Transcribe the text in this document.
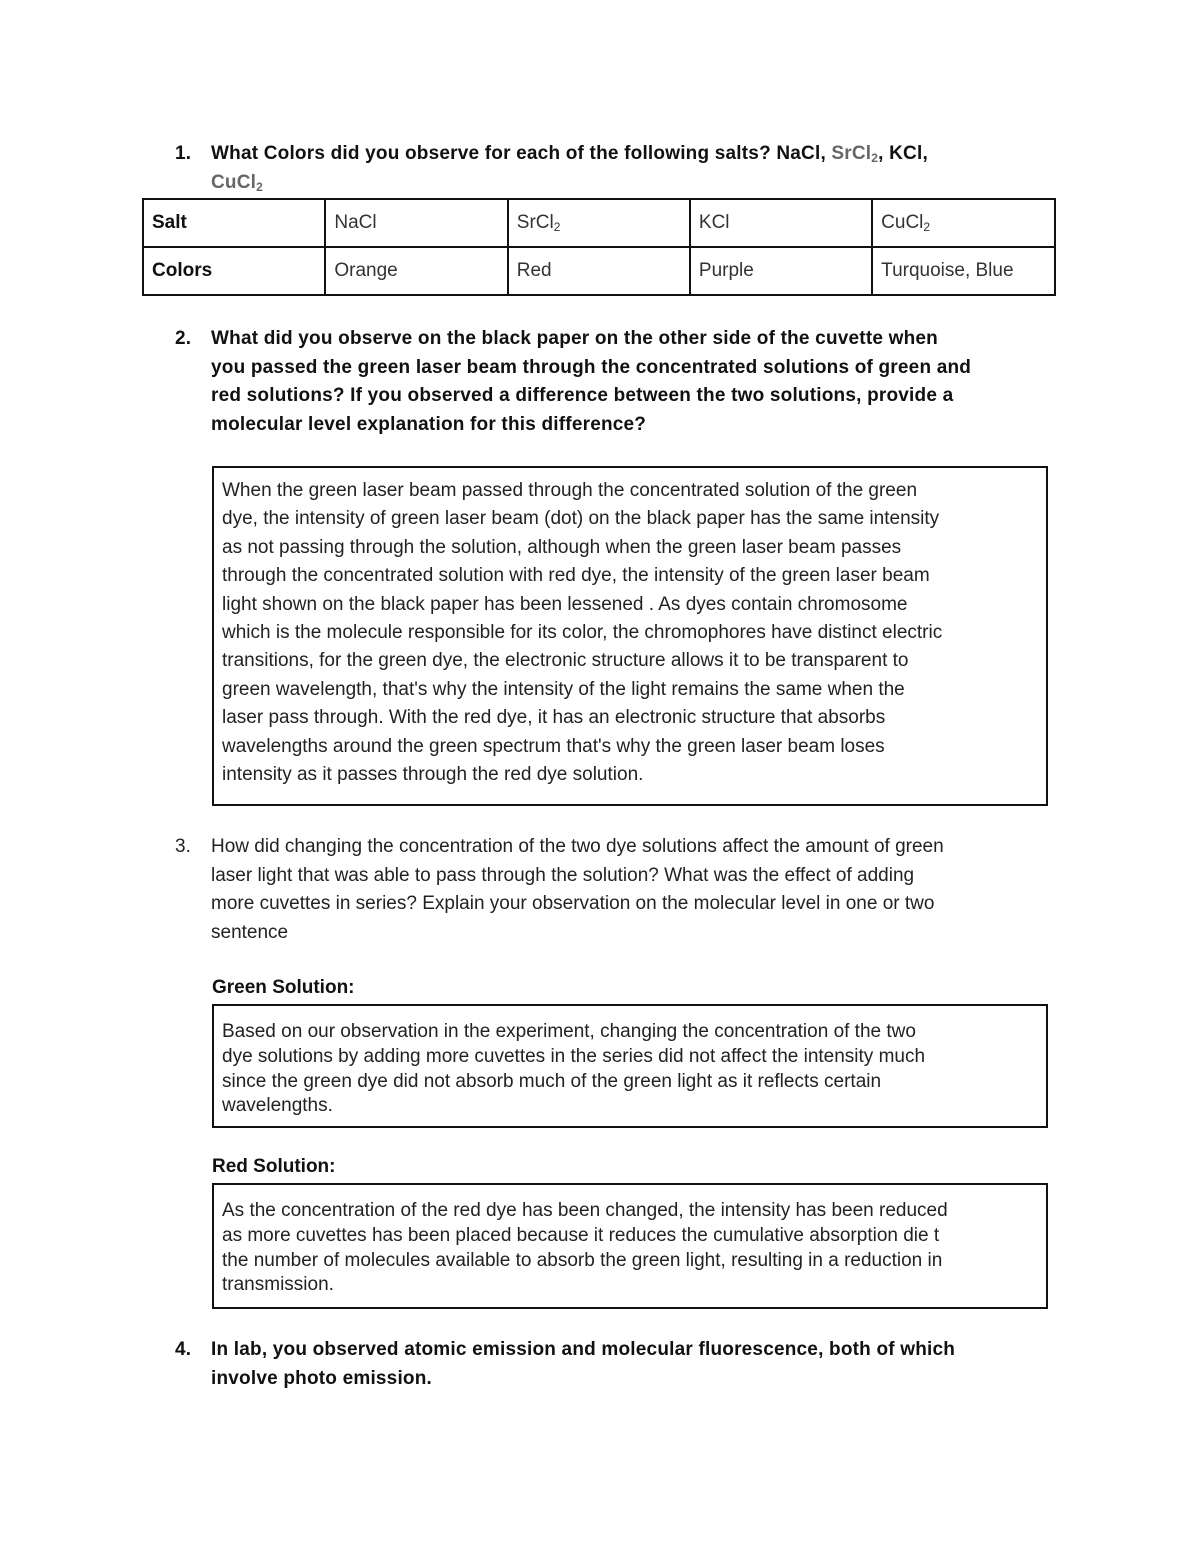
1. What Colors did you observe for each of the following salts? NaCl, SrCl$_2$, KCl,
CuCl$_2$
Salt	NaCl	SrCl$_2$	KCl	CuCl$_2$
Colors	Orange	Red	Purple	Turquoise, Blue
2. What did you observe on the black paper on the other side of the cuvette when
you passed the green laser beam through the concentrated solutions of green and
red solutions? If you observed a difference between the two solutions, provide a
molecular level explanation for this difference?
When the green laser beam passed through the concentrated solution of the green
dye, the intensity of green laser beam (dot) on the black paper has the same intensity
as not passing through the solution, although when the green laser beam passes
through the concentrated solution with red dye, the intensity of the green laser beam
light shown on the black paper has been lessened . As dyes contain chromosome
which is the molecule responsible for its color, the chromophores have distinct electric
transitions, for the green dye, the electronic structure allows it to be transparent to
green wavelength, that's why the intensity of the light remains the same when the
laser pass through. With the red dye, it has an electronic structure that absorbs
wavelengths around the green spectrum that's why the green laser beam loses
intensity as it passes through the red dye solution.
3. How did changing the concentration of the two dye solutions affect the amount of green
laser light that was able to pass through the solution? What was the effect of adding
more cuvettes in series? Explain your observation on the molecular level in one or two
sentence
Green Solution:
Based on our observation in the experiment, changing the concentration of the two
dye solutions by adding more cuvettes in the series did not affect the intensity much
since the green dye did not absorb much of the green light as it reflects certain
wavelengths.
Red Solution:
As the concentration of the red dye has been changed, the intensity has been reduced
as more cuvettes has been placed because it reduces the cumulative absorption die t
the number of molecules available to absorb the green light, resulting in a reduction in
transmission.
4. In lab, you observed atomic emission and molecular fluorescence, both of which
involve photo emission.
